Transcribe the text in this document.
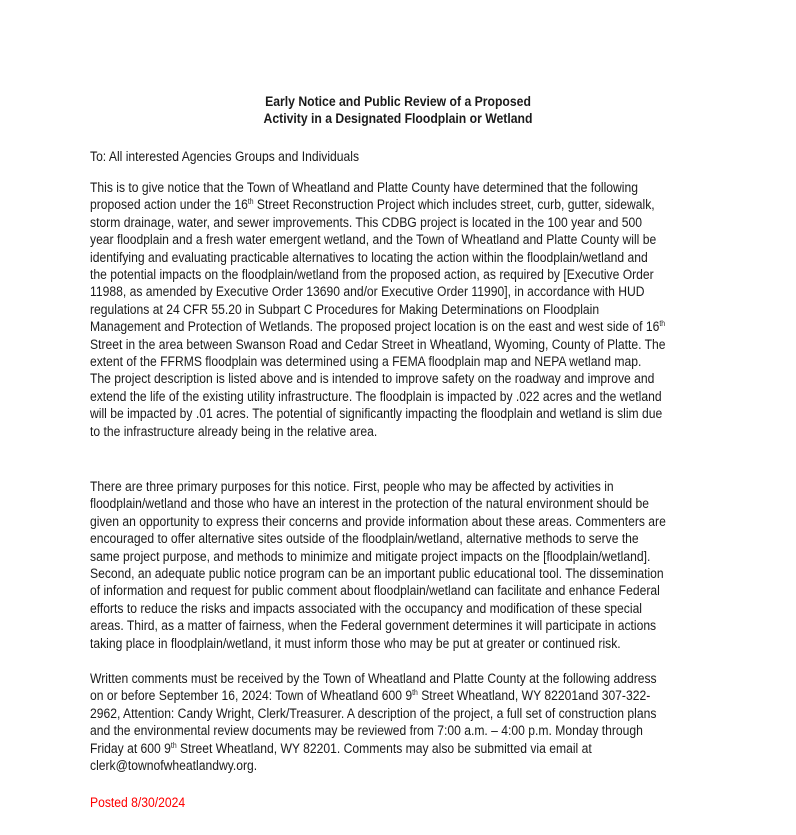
Early Notice and Public Review of a Proposed
Activity in a Designated Floodplain or Wetland
To: All interested Agencies Groups and Individuals
This is to give notice that the Town of Wheatland and Platte County have determined that the following
proposed action under the 16th Street Reconstruction Project which includes street, curb, gutter, sidewalk,
storm drainage, water, and sewer improvements. This CDBG project is located in the 100 year and 500
year floodplain and a fresh water emergent wetland, and the Town of Wheatland and Platte County will be
identifying and evaluating practicable alternatives to locating the action within the floodplain/wetland and
the potential impacts on the floodplain/wetland from the proposed action, as required by [Executive Order
11988, as amended by Executive Order 13690 and/or Executive Order 11990], in accordance with HUD
regulations at 24 CFR 55.20 in Subpart C Procedures for Making Determinations on Floodplain
Management and Protection of Wetlands. The proposed project location is on the east and west side of 16th
Street in the area between Swanson Road and Cedar Street in Wheatland, Wyoming, County of Platte. The
extent of the FFRMS floodplain was determined using a FEMA floodplain map and NEPA wetland map.
The project description is listed above and is intended to improve safety on the roadway and improve and
extend the life of the existing utility infrastructure. The floodplain is impacted by .022 acres and the wetland
will be impacted by .01 acres. The potential of significantly impacting the floodplain and wetland is slim due
to the infrastructure already being in the relative area.
There are three primary purposes for this notice. First, people who may be affected by activities in
floodplain/wetland and those who have an interest in the protection of the natural environment should be
given an opportunity to express their concerns and provide information about these areas. Commenters are
encouraged to offer alternative sites outside of the floodplain/wetland, alternative methods to serve the
same project purpose, and methods to minimize and mitigate project impacts on the [floodplain/wetland].
Second, an adequate public notice program can be an important public educational tool. The dissemination
of information and request for public comment about floodplain/wetland can facilitate and enhance Federal
efforts to reduce the risks and impacts associated with the occupancy and modification of these special
areas. Third, as a matter of fairness, when the Federal government determines it will participate in actions
taking place in floodplain/wetland, it must inform those who may be put at greater or continued risk.
Written comments must be received by the Town of Wheatland and Platte County at the following address
on or before September 16, 2024: Town of Wheatland 600 9th Street Wheatland, WY 82201and 307-322-
2962, Attention: Candy Wright, Clerk/Treasurer. A description of the project, a full set of construction plans
and the environmental review documents may be reviewed from 7:00 a.m. – 4:00 p.m. Monday through
Friday at 600 9th Street Wheatland, WY 82201. Comments may also be submitted via email at
clerk@townofwheatlandwy.org.
Posted 8/30/2024
